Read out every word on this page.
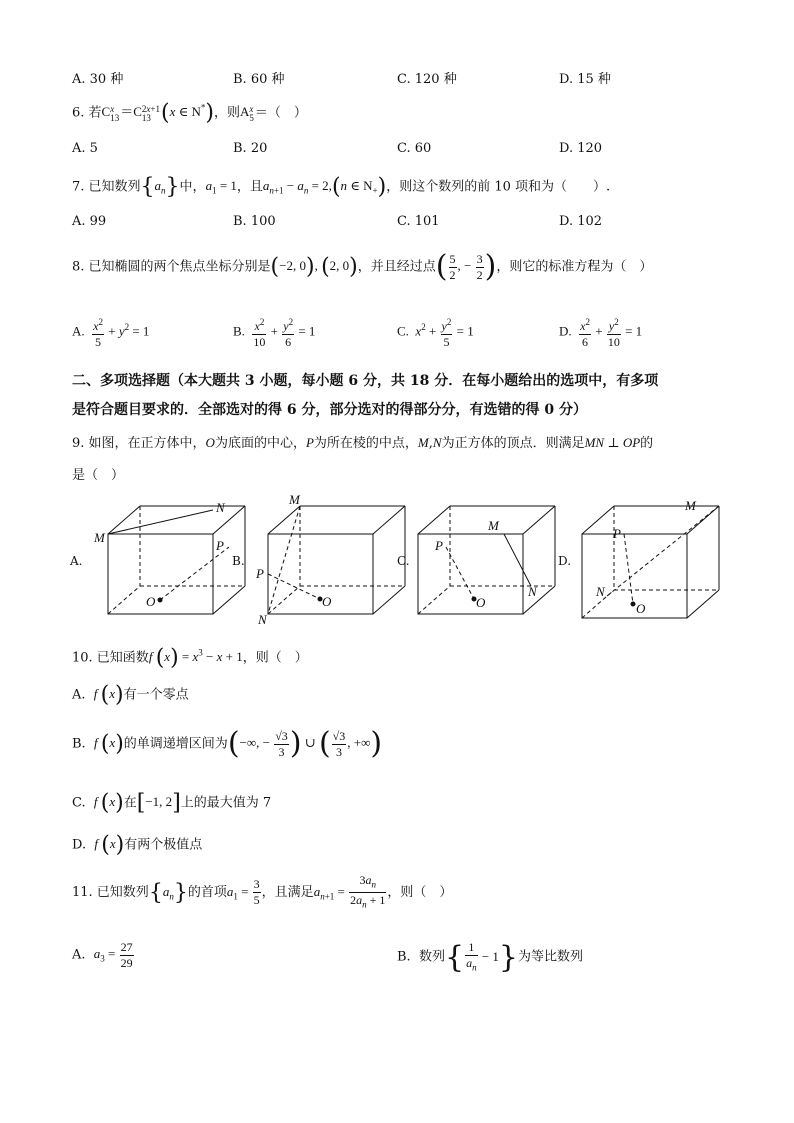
A. 30 种	B. 60 种	C. 120 种	D. 15 种
6. 若C x
13 ＝C 2x+1
13 (x ∈ N*)，则A x
5 ＝（　）
A. 5	B. 20	C. 60	D. 120
7. 已知数列$\{a_n\}$中，$a_1 = 1$，且$a_{n+1} - a_n = 2,(n$ ∈ $N_+$)，则这个数列的前 10 项和为（　　）.
A. 99	B. 100	C. 101	D. 102
8. 已知椭圆的两个焦点坐标分别是(−2, 0), (2, 0)，并且经过点( $\frac{5}{2}$ , − $\frac{3}{2}$ )，则它的标准方程为（　）
A. $\frac{x^2}{5} + y^2 = 1$	B. $\frac{x^2}{10} + \frac{y^2}{6} = 1$	C.  $x^2 + \frac{y^2}{5} = 1$	D. $\frac{x^2}{6} + \frac{y^2}{10} = 1$
二、多项选择题（本大题共 3 小题，每小题 6 分，共 18 分．在每小题给出的选项中，有多项
是符合题目要求的．全部选对的得 6 分，部分选对的得部分分，有选错的得 0 分）
9. 如图，在正方体中，O为底面的中心，P为所在棱的中点，M,N为正方体的顶点．则满足MN ⊥ OP的
是（　）
A.
M
N
P
O
B.
M
P
N
O
C.
M
P
N
O
D.
M
P
N
O
10. 已知函数f $(x) = x^3 - x + 1$，则（　）
A. f (x)有一个零点
B. f (x)的单调递增区间为(−∞, − $\frac{√3}{3}$ ) ∪ ( $\frac{√3}{3}$ , +∞)
C. f (x)在[−1, 2]上的最大值为 7
D. f (x)有两个极值点
11. 已知数列$\{a_n\}$的首项$a_1 = \frac{3}{5}$ ，且满足$a_{n+1} = \frac{3a_n}{2a_n + 1}$ ，则（　）
A. $a_3 = \frac{27}{29}$	B. 数列{ $\frac{1}{a_n} - 1$}为等比数列
